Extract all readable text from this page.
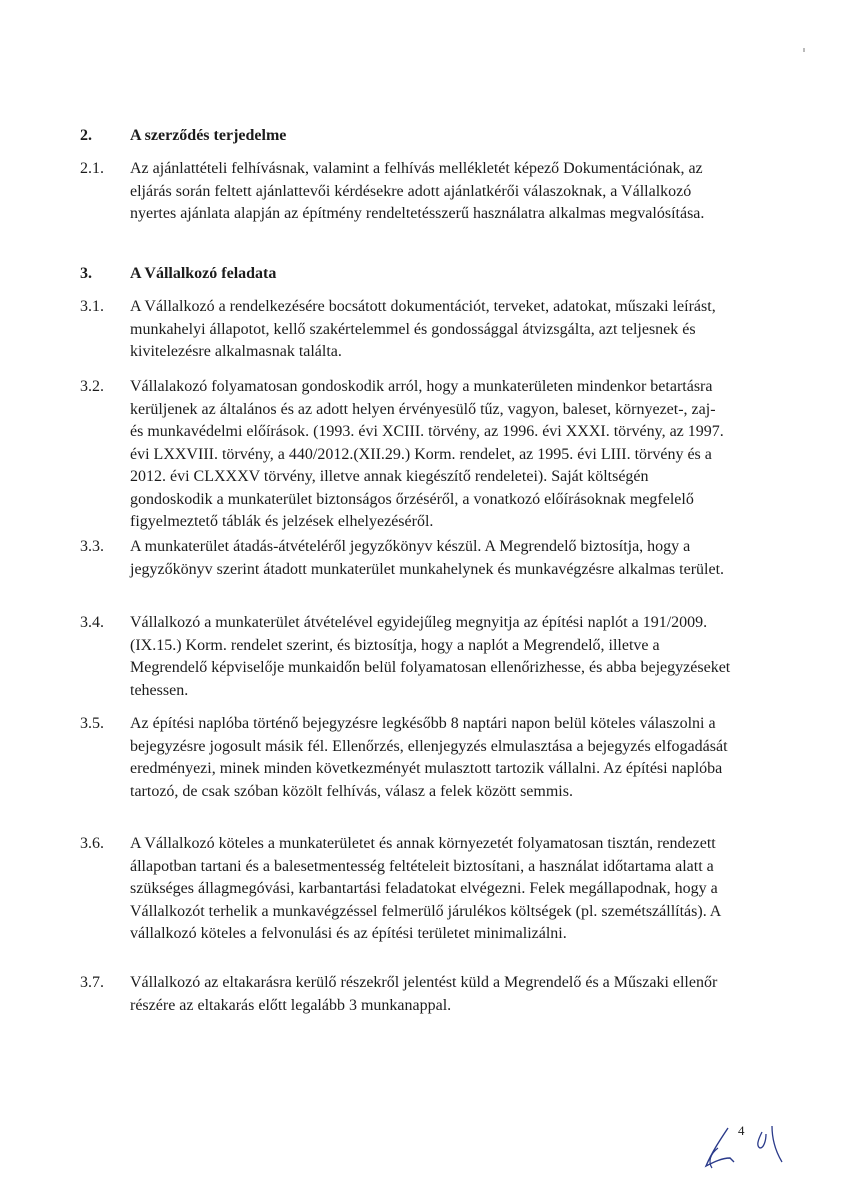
2. A szerződés terjedelme
2.1. Az ajánlattételi felhívásnak, valamint a felhívás mellékletét képező Dokumentációnak, az eljárás során feltett ajánlattevői kérdésekre adott ajánlatkérői válaszoknak, a Vállalkozó nyertes ajánlata alapján az építmény rendeltetésszerű használatra alkalmas megvalósítása.
3. A Vállalkozó feladata
3.1. A Vállalkozó a rendelkezésére bocsátott dokumentációt, terveket, adatokat, műszaki leírást, munkahelyi állapotot, kellő szakértelemmel és gondossággal átvizsgálta, azt teljesnek és kivitelezésre alkalmasnak találta.
3.2. Vállalakozó folyamatosan gondoskodik arról, hogy a munkaterületen mindenkor betartásra kerüljenek az általános és az adott helyen érvényesülő tűz, vagyon, baleset, környezet-, zaj- és munkavédelmi előírások. (1993. évi XCIII. törvény, az 1996. évi XXXI. törvény, az 1997. évi LXXVIII. törvény, a 440/2012.(XII.29.) Korm. rendelet, az 1995. évi LIII. törvény és a 2012. évi CLXXXV törvény, illetve annak kiegészítő rendeletei). Saját költségén gondoskodik a munkaterület biztonságos őrzéséről, a vonatkozó előírásoknak megfelelő figyelmeztető táblák és jelzések elhelyezéséről.
3.3. A munkaterület átadás-átvételéről jegyzőkönyv készül. A Megrendelő biztosítja, hogy a jegyzőkönyv szerint átadott munkaterület munkahelynek és munkavégzésre alkalmas terület.
3.4. Vállalkozó a munkaterület átvételével egyidejűleg megnyitja az építési naplót a 191/2009.(IX.15.) Korm. rendelet szerint, és biztosítja, hogy a naplót a Megrendelő, illetve a Megrendelő képviselője munkaidőn belül folyamatosan ellenőrizhesse, és abba bejegyzéseket tehessen.
3.5. Az építési naplóba történő bejegyzésre legkésőbb 8 naptári napon belül köteles válaszolni a bejegyzésre jogosult másik fél. Ellenőrzés, ellenjegyzés elmulasztása a bejegyzés elfogadását eredményezi, minek minden következményét mulasztott tartozik vállalni. Az építési naplóba tartozó, de csak szóban közölt felhívás, válasz a felek között semmis.
3.6. A Vállalkozó köteles a munkaterületet és annak környezetét folyamatosan tisztán, rendezett állapotban tartani és a balesetmentesség feltételeit biztosítani, a használat időtartama alatt a szükséges állagmegóvási, karbantartási feladatokat elvégezni. Felek megállapodnak, hogy a Vállalkozót terhelik a munkavégzéssel felmerülő járulékos költségek (pl. szemétszállítás). A vállalkozó köteles a felvonulási és az építési területet minimalizálni.
3.7. Vállalkozó az eltakarásra kerülő részekről jelentést küld a Megrendelő és a Műszaki ellenőr részére az eltakarás előtt legalább 3 munkanappal.
4
